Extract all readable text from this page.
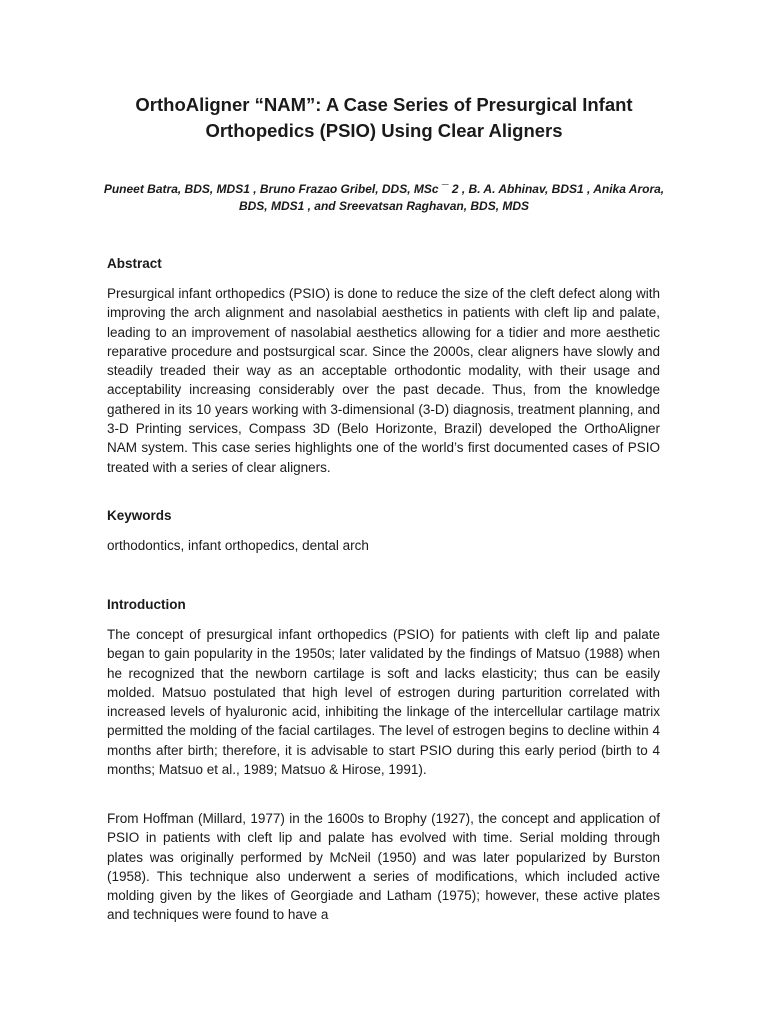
OrthoAligner “NAM”: A Case Series of Presurgical Infant Orthopedics (PSIO) Using Clear Aligners

Puneet Batra, BDS, MDS1 , Bruno Frazao Gribel, DDS, MSc ¯ 2 , B. A. Abhinav, BDS1 , Anika Arora, BDS, MDS1 , and Sreevatsan Raghavan, BDS, MDS

Abstract

Presurgical infant orthopedics (PSIO) is done to reduce the size of the cleft defect along with improving the arch alignment and nasolabial aesthetics in patients with cleft lip and palate, leading to an improvement of nasolabial aesthetics allowing for a tidier and more aesthetic reparative procedure and postsurgical scar. Since the 2000s, clear aligners have slowly and steadily treaded their way as an acceptable orthodontic modality, with their usage and acceptability increasing considerably over the past decade. Thus, from the knowledge gathered in its 10 years working with 3-dimensional (3-D) diagnosis, treatment planning, and 3-D Printing services, Compass 3D (Belo Horizonte, Brazil) developed the OrthoAligner NAM system. This case series highlights one of the world’s first documented cases of PSIO treated with a series of clear aligners.

Keywords

orthodontics, infant orthopedics, dental arch

Introduction

The concept of presurgical infant orthopedics (PSIO) for patients with cleft lip and palate began to gain popularity in the 1950s; later validated by the findings of Matsuo (1988) when he recognized that the newborn cartilage is soft and lacks elasticity; thus can be easily molded. Matsuo postulated that high level of estrogen during parturition correlated with increased levels of hyaluronic acid, inhibiting the linkage of the intercellular cartilage matrix permitted the molding of the facial cartilages. The level of estrogen begins to decline within 4 months after birth; therefore, it is advisable to start PSIO during this early period (birth to 4 months; Matsuo et al., 1989; Matsuo & Hirose, 1991).

From Hoffman (Millard, 1977) in the 1600s to Brophy (1927), the concept and application of PSIO in patients with cleft lip and palate has evolved with time. Serial molding through plates was originally performed by McNeil (1950) and was later popularized by Burston (1958). This technique also underwent a series of modifications, which included active molding given by the likes of Georgiade and Latham (1975); however, these active plates and techniques were found to have a
